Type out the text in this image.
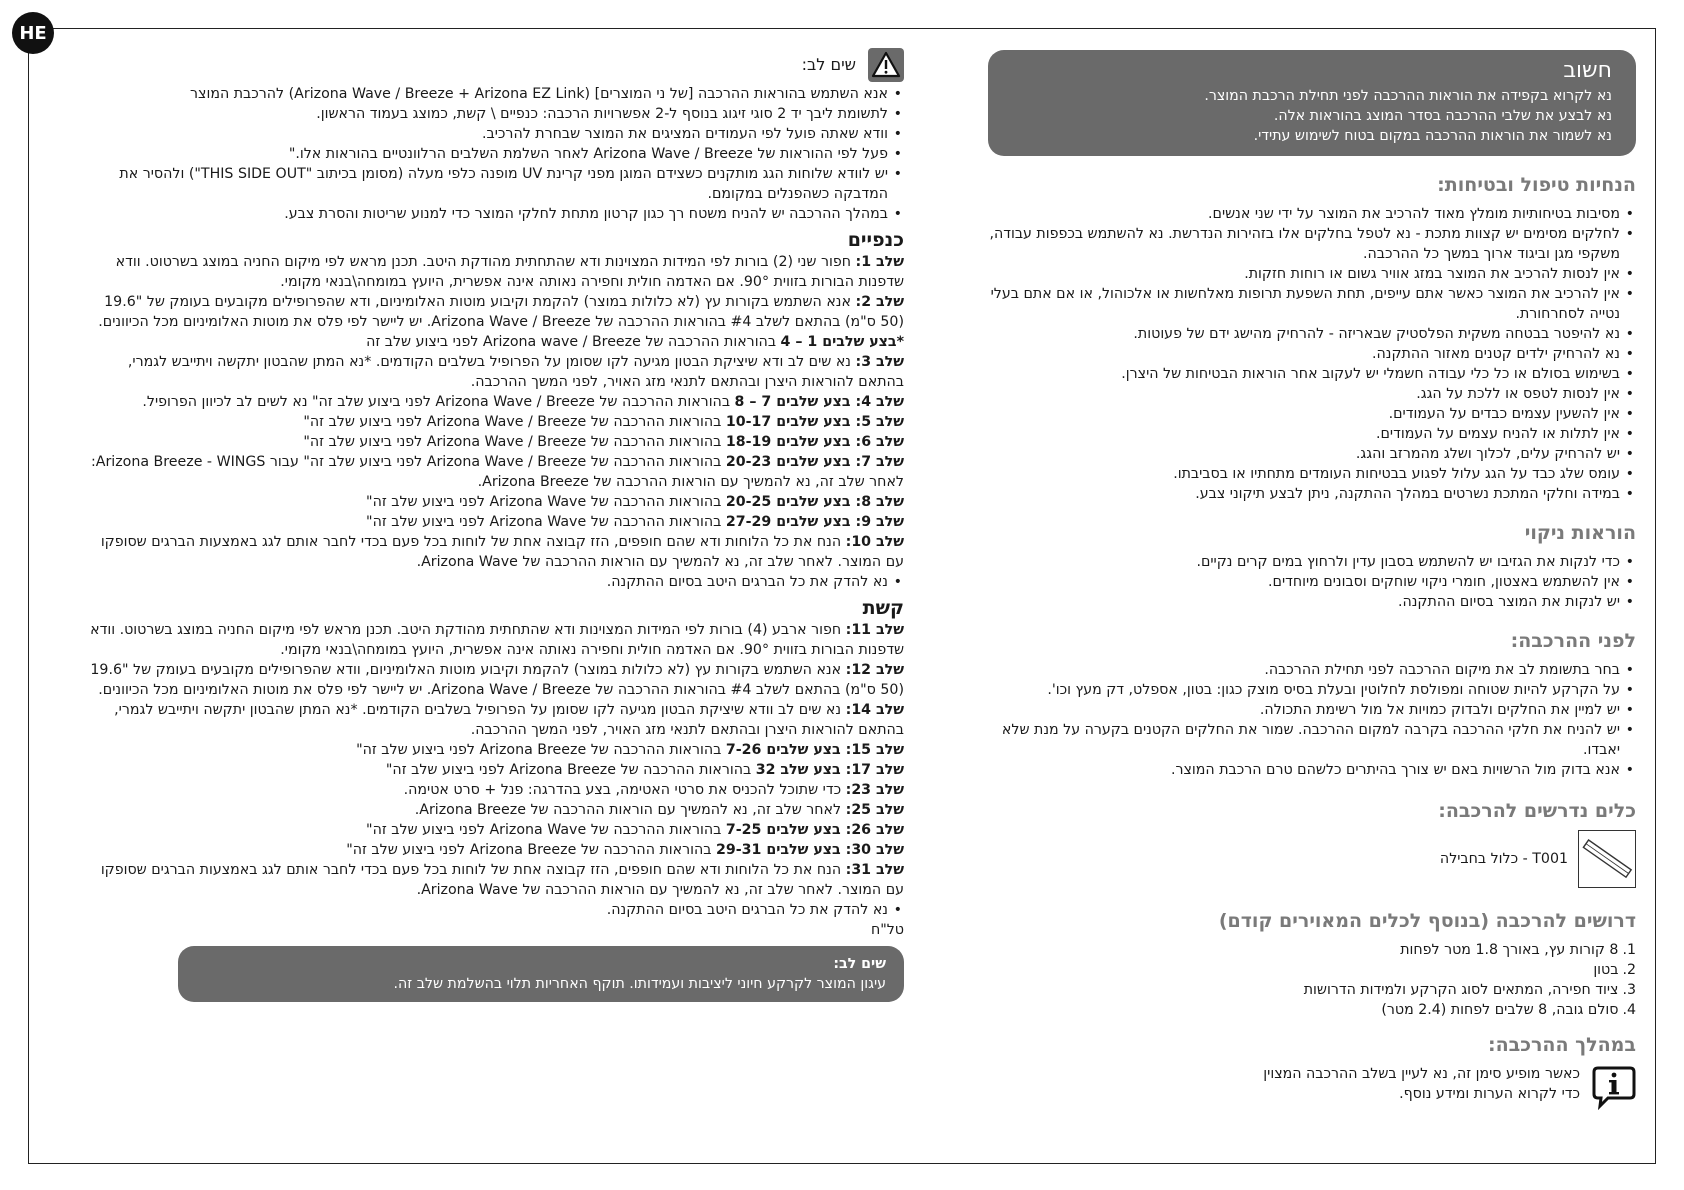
HE
חשוב
נא לקרוא בקפידה את הוראות ההרכבה לפני תחילת הרכבת המוצר.
נא לבצע את שלבי ההרכבה בסדר המוצג בהוראות אלה.
נא לשמור את הוראות ההרכבה במקום בטוח לשימוש עתידי.
הנחיות טיפול ובטיחות:
• מסיבות בטיחותיות מומלץ מאוד להרכיב את המוצר על ידי שני אנשים.
• לחלקים מסימים יש קצוות מתכת - נא לטפל בחלקים אלו בזהירות הנדרשת. נא להשתמש בכפפות עבודה, משקפי מגן וביגוד ארוך במשך כל ההרכבה.
• אין לנסות להרכיב את המוצר במזג אוויר גשום או רוחות חזקות.
• אין להרכיב את המוצר כאשר אתם עייפים, תחת השפעת תרופות מאלחשות או אלכוהול, או אם אתם בעלי נטייה לסחרחורת.
• נא להיפטר בבטחה משקית הפלסטיק שבאריזה - להרחיק מהישג ידם של פעוטות.
• נא להרחיק ילדים קטנים מאזור ההתקנה.
• בשימוש בסולם או כל כלי עבודה חשמלי יש לעקוב אחר הוראות הבטיחות של היצרן.
• אין לנסות לטפס או ללכת על הגג.
• אין להשעין עצמים כבדים על העמודים.
• אין לתלות או להניח עצמים על העמודים.
• יש להרחיק עלים, לכלוך ושלג מהמרזב והגג.
• עומס שלג כבד על הגג עלול לפגוע בבטיחות העומדים מתחתיו או בסביבתו.
• במידה וחלקי המתכת נשרטים במהלך ההתקנה, ניתן לבצע תיקוני צבע.
הוראות ניקוי
• כדי לנקות את הגזיבו יש להשתמש בסבון עדין ולרחוץ במים קרים נקיים.
• אין להשתמש באצטון, חומרי ניקוי שוחקים וסבונים מיוחדים.
• יש לנקות את המוצר בסיום ההתקנה.
לפני ההרכבה:
• בחר בתשומת לב את מיקום ההרכבה לפני תחילת ההרכבה.
• על הקרקע להיות שטוחה ומפולסת לחלוטין ובעלת בסיס מוצק כגון: בטון, אספלט, דק מעץ וכו'.
• יש למיין את החלקים ולבדוק כמויות אל מול רשימת התכולה.
• יש להניח את חלקי ההרכבה בקרבה למקום ההרכבה. שמור את החלקים הקטנים בקערה על מנת שלא יאבדו.
• אנא בדוק מול הרשויות באם יש צורך בהיתרים כלשהם טרם הרכבת המוצר.
כלים נדרשים להרכבה:
T001 - כלול בחבילה
דרושים להרכבה (בנוסף לכלים המאוירים קודם)
1.
8 קורות עץ, באורך 1.8 מטר לפחות
2.
בטון
3.
ציוד חפירה, המתאים לסוג הקרקע ולמידות הדרושות
4.
סולם גובה, 8 שלבים לפחות (2.4 מטר)
במהלך ההרכבה:
כאשר מופיע סימן זה, נא לעיין בשלב ההרכבה המצוין
כדי לקרוא הערות ומידע נוסף.
שים לב:
• אנא השתמש בהוראות ההרכבה [של ני המוצרים] (Arizona Wave / Breeze + Arizona EZ Link) להרכבת המוצר
• לתשומת ליבך יד 2 סוגי זיגוג בנוסף ל-2 אפשרויות הרכבה: כנפיים \ קשת, כמוצג בעמוד הראשון.
• וודא שאתה פועל לפי העמודים המציגים את המוצר שבחרת להרכיב.
• פעל לפי ההוראות של Arizona Wave / Breeze לאחר השלמת השלבים הרלוונטיים בהוראות אלו."
• יש לוודא שלוחות הגג מותקנים כשצידם המוגן מפני קרינת UV מופנה כלפי מעלה (מסומן בכיתוב "THIS SIDE OUT") ולהסיר את המדבקה כשהפנלים במקומם.
• במהלך ההרכבה יש להניח משטח רך כגון קרטון מתחת לחלקי המוצר כדי למנוע שריטות והסרת צבע.
כנפיים
שלב 1: חפור שני (2) בורות לפי המידות המצוינות ודא שהתחתית מהודקת היטב. תכנן מראש לפי מיקום החניה במוצג בשרטוט. וודא שדפנות הבורות בזווית 90°. אם האדמה חולית וחפירה נאותה אינה אפשרית, היועץ במומחה\בנאי מקומי.
שלב 2: אנא השתמש בקורות עץ (לא כלולות במוצר) להקמת וקיבוע מוטות האלומיניום, ודא שהפרופילים מקובעים בעומק של "19.6 (50 ס"מ) בהתאם לשלב #4 בהוראות ההרכבה של Arizona Wave / Breeze. יש ליישר לפי פלס את מוטות האלומיניום מכל הכיוונים.
*בצע שלבים 1 – 4 בהוראות ההרכבה של Arizona wave / Breeze לפני ביצוע שלב זה
שלב 3: נא שים לב ודא שיציקת הבטון מגיעה לקו שסומן על הפרופיל בשלבים הקודמים. *נא המתן שהבטון יתקשה ויתייבש לגמרי, בהתאם להוראות היצרן ובהתאם לתנאי מזג האויר, לפני המשך ההרכבה.
שלב 4: בצע שלבים 7 – 8 בהוראות ההרכבה של Arizona Wave / Breeze לפני ביצוע שלב זה" נא לשים לב לכיוון הפרופיל.
שלב 5: בצע שלבים 10-17 בהוראות ההרכבה של Arizona Wave / Breeze לפני ביצוע שלב זה"
שלב 6: בצע שלבים 18-19 בהוראות ההרכבה של Arizona Wave / Breeze לפני ביצוע שלב זה"
שלב 7: בצע שלבים 20-23 בהוראות ההרכבה של Arizona Wave / Breeze לפני ביצוע שלב זה" עבור Arizona Breeze - WINGS: לאחר שלב זה, נא להמשיך עם הוראות ההרכבה של Arizona Breeze.
שלב 8: בצע שלבים 20-25 בהוראות ההרכבה של Arizona Wave לפני ביצוע שלב זה"
שלב 9: בצע שלבים 27-29 בהוראות ההרכבה של Arizona Wave לפני ביצוע שלב זה"
שלב 10: הנח את כל הלוחות ודא שהם חופפים, הזז קבוצה אחת של לוחות בכל פעם בכדי לחבר אותם לגג באמצעות הברגים שסופקו עם המוצר. לאחר שלב זה, נא להמשיך עם הוראות ההרכבה של Arizona Wave.
• נא להדק את כל הברגים היטב בסיום ההתקנה.
קשת
שלב 11: חפור ארבע (4) בורות לפי המידות המצוינות ודא שהתחתית מהודקת היטב. תכנן מראש לפי מיקום החניה במוצג בשרטוט. וודא שדפנות הבורות בזווית 90°. אם האדמה חולית וחפירה נאותה אינה אפשרית, היועץ במומחה\בנאי מקומי.
שלב 12: אנא השתמש בקורות עץ (לא כלולות במוצר) להקמת וקיבוע מוטות האלומיניום, וודא שהפרופילים מקובעים בעומק של "19.6 (50 ס"מ) בהתאם לשלב #4 בהוראות ההרכבה של Arizona Wave / Breeze. יש ליישר לפי פלס את מוטות האלומיניום מכל הכיוונים.
שלב 14: נא שים לב וודא שיציקת הבטון מגיעה לקו שסומן על הפרופיל בשלבים הקודמים. *נא המתן שהבטון יתקשה ויתייבש לגמרי, בהתאם להוראות היצרן ובהתאם לתנאי מזג האויר, לפני המשך ההרכבה.
שלב 15: בצע שלבים 7-26 בהוראות ההרכבה של Arizona Breeze לפני ביצוע שלב זה"
שלב 17: בצע שלב 32 בהוראות ההרכבה של Arizona Breeze לפני ביצוע שלב זה"
שלב 23: כדי שתוכל להכניס את סרטי האטימה, בצע בהדרגה: פנל + סרט אטימה.
שלב 25: לאחר שלב זה, נא להמשיך עם הוראות ההרכבה של Arizona Breeze.
שלב 26: בצע שלבים 7-25 בהוראות ההרכבה של Arizona Wave לפני ביצוע שלב זה"
שלב 30: בצע שלבים 29-31 בהוראות ההרכבה של Arizona Breeze לפני ביצוע שלב זה"
שלב 31: הנח את כל הלוחות ודא שהם חופפים, הזז קבוצה אחת של לוחות בכל פעם בכדי לחבר אותם לגג באמצעות הברגים שסופקו עם המוצר. לאחר שלב זה, נא להמשיך עם הוראות ההרכבה של Arizona Wave.
• נא להדק את כל הברגים היטב בסיום ההתקנה.
טל"ח
שים לב:
עיגון המוצר לקרקע חיוני ליציבות ועמידותו. תוקף האחריות תלוי בהשלמת שלב זה.
